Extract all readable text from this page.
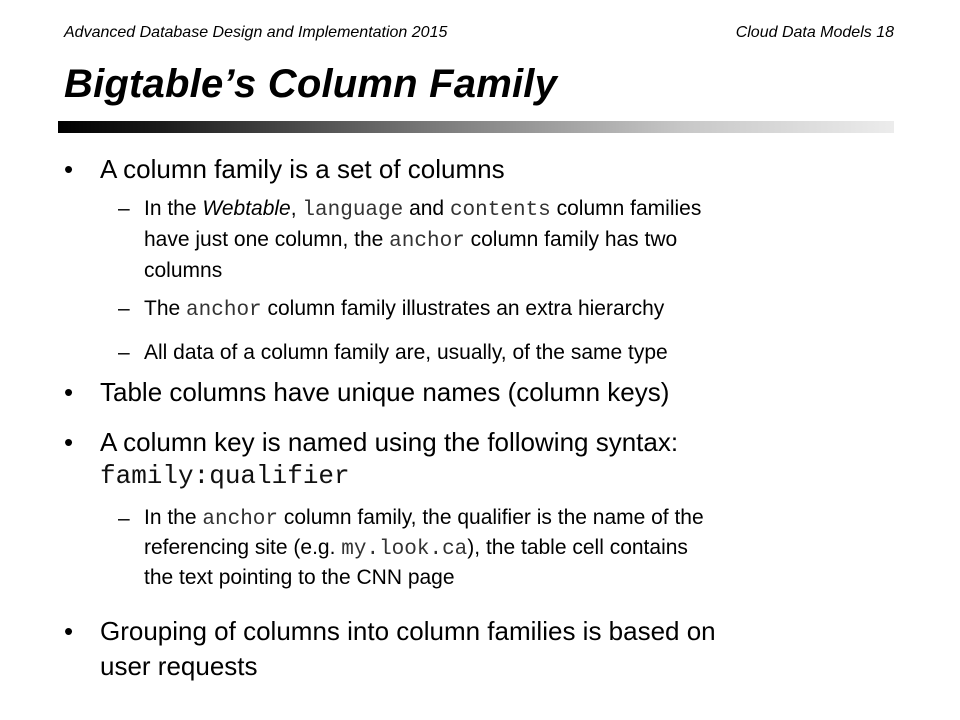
Advanced Database Design and Implementation 2015	Cloud Data Models 18
Bigtable’s Column Family
• A column family is a set of columns
– In the Webtable, language and contents column families
have just one column, the anchor column family has two
columns
– The anchor column family illustrates an extra hierarchy
– All data of a column family are, usually, of the same type
• Table columns have unique names (column keys)
• A column key is named using the following syntax:
family:qualifier
– In the anchor column family, the qualifier is the name of the
referencing site (e.g. my.look.ca), the table cell contains
the text pointing to the CNN page
• Grouping of columns into column families is based on
user requests
